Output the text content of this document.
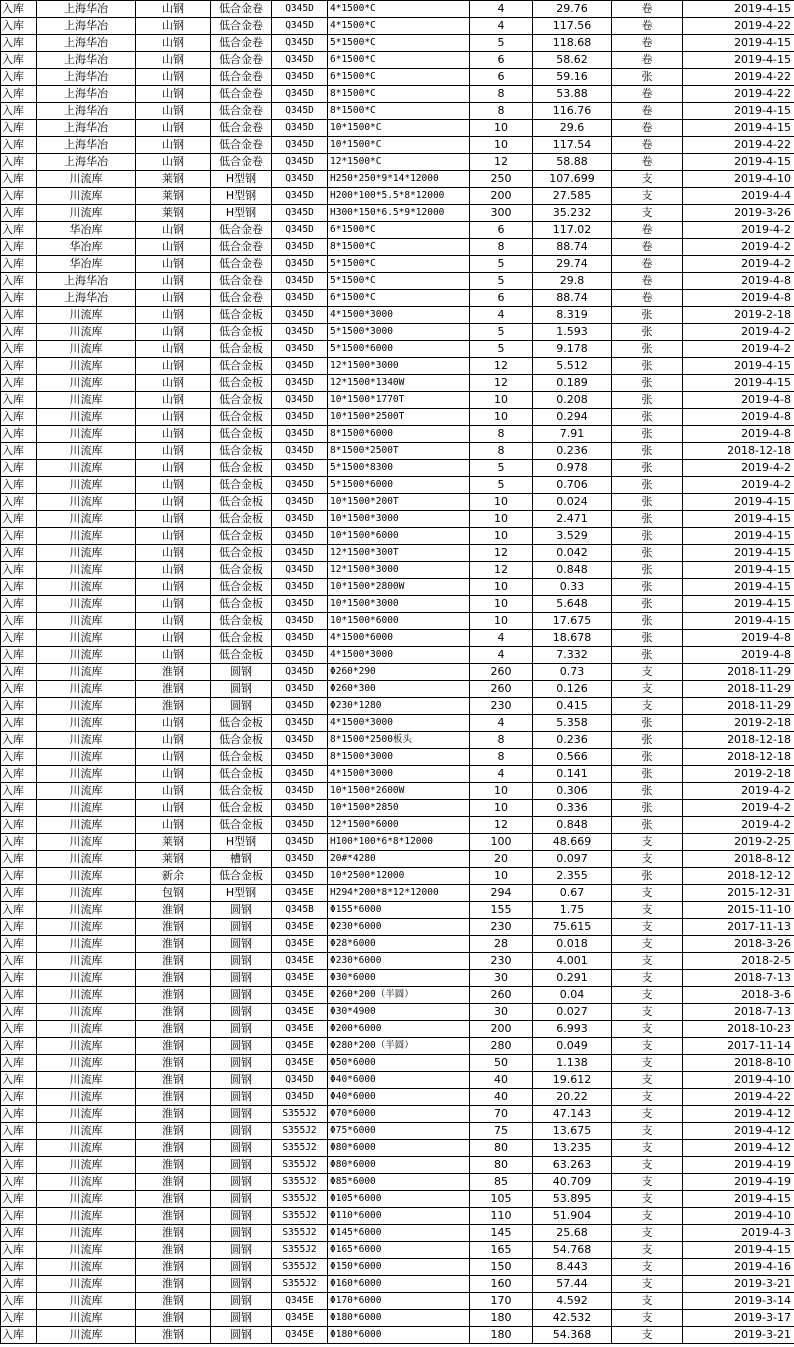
入库	上海华冶	山钢	低合金卷	Q345D	4*1500*C	4	29.76	卷	2019-4-15
入库	上海华冶	山钢	低合金卷	Q345D	4*1500*C	4	117.56	卷	2019-4-22
入库	上海华冶	山钢	低合金卷	Q345D	5*1500*C	5	118.68	卷	2019-4-15
入库	上海华冶	山钢	低合金卷	Q345D	6*1500*C	6	58.62	卷	2019-4-15
入库	上海华冶	山钢	低合金卷	Q345D	6*1500*C	6	59.16	张	2019-4-22
入库	上海华冶	山钢	低合金卷	Q345D	8*1500*C	8	53.88	卷	2019-4-22
入库	上海华冶	山钢	低合金卷	Q345D	8*1500*C	8	116.76	卷	2019-4-15
入库	上海华冶	山钢	低合金卷	Q345D	10*1500*C	10	29.6	卷	2019-4-15
入库	上海华冶	山钢	低合金卷	Q345D	10*1500*C	10	117.54	卷	2019-4-22
入库	上海华冶	山钢	低合金卷	Q345D	12*1500*C	12	58.88	卷	2019-4-15
入库	川流库	莱钢	H型钢	Q345D	H250*250*9*14*12000	250	107.699	支	2019-4-10
入库	川流库	莱钢	H型钢	Q345D	H200*100*5.5*8*12000	200	27.585	支	2019-4-4
入库	川流库	莱钢	H型钢	Q345D	H300*150*6.5*9*12000	300	35.232	支	2019-3-26
入库	华冶库	山钢	低合金卷	Q345D	6*1500*C	6	117.02	卷	2019-4-2
入库	华冶库	山钢	低合金卷	Q345D	8*1500*C	8	88.74	卷	2019-4-2
入库	华冶库	山钢	低合金卷	Q345D	5*1500*C	5	29.74	卷	2019-4-2
入库	上海华冶	山钢	低合金卷	Q345D	5*1500*C	5	29.8	卷	2019-4-8
入库	上海华冶	山钢	低合金卷	Q345D	6*1500*C	6	88.74	卷	2019-4-8
入库	川流库	山钢	低合金板	Q345D	4*1500*3000	4	8.319	张	2019-2-18
入库	川流库	山钢	低合金板	Q345D	5*1500*3000	5	1.593	张	2019-4-2
入库	川流库	山钢	低合金板	Q345D	5*1500*6000	5	9.178	张	2019-4-2
入库	川流库	山钢	低合金板	Q345D	12*1500*3000	12	5.512	张	2019-4-15
入库	川流库	山钢	低合金板	Q345D	12*1500*1340W	12	0.189	张	2019-4-15
入库	川流库	山钢	低合金板	Q345D	10*1500*1770T	10	0.208	张	2019-4-8
入库	川流库	山钢	低合金板	Q345D	10*1500*2500T	10	0.294	张	2019-4-8
入库	川流库	山钢	低合金板	Q345D	8*1500*6000	8	7.91	张	2019-4-8
入库	川流库	山钢	低合金板	Q345D	8*1500*2500T	8	0.236	张	2018-12-18
入库	川流库	山钢	低合金板	Q345D	5*1500*8300	5	0.978	张	2019-4-2
入库	川流库	山钢	低合金板	Q345D	5*1500*6000	5	0.706	张	2019-4-2
入库	川流库	山钢	低合金板	Q345D	10*1500*200T	10	0.024	张	2019-4-15
入库	川流库	山钢	低合金板	Q345D	10*1500*3000	10	2.471	张	2019-4-15
入库	川流库	山钢	低合金板	Q345D	10*1500*6000	10	3.529	张	2019-4-15
入库	川流库	山钢	低合金板	Q345D	12*1500*300T	12	0.042	张	2019-4-15
入库	川流库	山钢	低合金板	Q345D	12*1500*3000	12	0.848	张	2019-4-15
入库	川流库	山钢	低合金板	Q345D	10*1500*2800W	10	0.33	张	2019-4-15
入库	川流库	山钢	低合金板	Q345D	10*1500*3000	10	5.648	张	2019-4-15
入库	川流库	山钢	低合金板	Q345D	10*1500*6000	10	17.675	张	2019-4-15
入库	川流库	山钢	低合金板	Q345D	4*1500*6000	4	18.678	张	2019-4-8
入库	川流库	山钢	低合金板	Q345D	4*1500*3000	4	7.332	张	2019-4-8
入库	川流库	淮钢	圆钢	Q345D	Φ260*290	260	0.73	支	2018-11-29
入库	川流库	淮钢	圆钢	Q345D	Φ260*300	260	0.126	支	2018-11-29
入库	川流库	淮钢	圆钢	Q345D	Φ230*1280	230	0.415	支	2018-11-29
入库	川流库	山钢	低合金板	Q345D	4*1500*3000	4	5.358	张	2019-2-18
入库	川流库	山钢	低合金板	Q345D	8*1500*2500板头	8	0.236	张	2018-12-18
入库	川流库	山钢	低合金板	Q345D	8*1500*3000	8	0.566	张	2018-12-18
入库	川流库	山钢	低合金板	Q345D	4*1500*3000	4	0.141	张	2019-2-18
入库	川流库	山钢	低合金板	Q345D	10*1500*2600W	10	0.306	张	2019-4-2
入库	川流库	山钢	低合金板	Q345D	10*1500*2850	10	0.336	张	2019-4-2
入库	川流库	山钢	低合金板	Q345D	12*1500*6000	12	0.848	张	2019-4-2
入库	川流库	莱钢	H型钢	Q345D	H100*100*6*8*12000	100	48.669	支	2019-2-25
入库	川流库	莱钢	槽钢	Q345D	20#*4280	20	0.097	支	2018-8-12
入库	川流库	新余	低合金板	Q345D	10*2500*12000	10	2.355	张	2018-12-12
入库	川流库	包钢	H型钢	Q345E	H294*200*8*12*12000	294	0.67	支	2015-12-31
入库	川流库	淮钢	圆钢	Q345B	Φ155*6000	155	1.75	支	2015-11-10
入库	川流库	淮钢	圆钢	Q345E	Φ230*6000	230	75.615	支	2017-11-13
入库	川流库	淮钢	圆钢	Q345E	Φ28*6000	28	0.018	支	2018-3-26
入库	川流库	淮钢	圆钢	Q345E	Φ230*6000	230	4.001	支	2018-2-5
入库	川流库	淮钢	圆钢	Q345E	Φ30*6000	30	0.291	支	2018-7-13
入库	川流库	淮钢	圆钢	Q345E	Φ260*200（半圆）	260	0.04	支	2018-3-6
入库	川流库	淮钢	圆钢	Q345E	Φ30*4900	30	0.027	支	2018-7-13
入库	川流库	淮钢	圆钢	Q345E	Φ200*6000	200	6.993	支	2018-10-23
入库	川流库	淮钢	圆钢	Q345E	Φ280*200（半圆）	280	0.049	支	2017-11-14
入库	川流库	淮钢	圆钢	Q345E	Φ50*6000	50	1.138	支	2018-8-10
入库	川流库	淮钢	圆钢	Q345D	Φ40*6000	40	19.612	支	2019-4-10
入库	川流库	淮钢	圆钢	Q345D	Φ40*6000	40	20.22	支	2019-4-22
入库	川流库	淮钢	圆钢	S355J2	Φ70*6000	70	47.143	支	2019-4-12
入库	川流库	淮钢	圆钢	S355J2	Φ75*6000	75	13.675	支	2019-4-12
入库	川流库	淮钢	圆钢	S355J2	Φ80*6000	80	13.235	支	2019-4-12
入库	川流库	淮钢	圆钢	S355J2	Φ80*6000	80	63.263	支	2019-4-19
入库	川流库	淮钢	圆钢	S355J2	Φ85*6000	85	40.709	支	2019-4-19
入库	川流库	淮钢	圆钢	S355J2	Φ105*6000	105	53.895	支	2019-4-15
入库	川流库	淮钢	圆钢	S355J2	Φ110*6000	110	51.904	支	2019-4-10
入库	川流库	淮钢	圆钢	S355J2	Φ145*6000	145	25.68	支	2019-4-3
入库	川流库	淮钢	圆钢	S355J2	Φ165*6000	165	54.768	支	2019-4-15
入库	川流库	淮钢	圆钢	S355J2	Φ150*6000	150	8.443	支	2019-4-16
入库	川流库	淮钢	圆钢	S355J2	Φ160*6000	160	57.44	支	2019-3-21
入库	川流库	淮钢	圆钢	Q345E	Φ170*6000	170	4.592	支	2019-3-14
入库	川流库	淮钢	圆钢	Q345E	Φ180*6000	180	42.532	支	2019-3-17
入库	川流库	淮钢	圆钢	Q345E	Φ180*6000	180	54.368	支	2019-3-21
